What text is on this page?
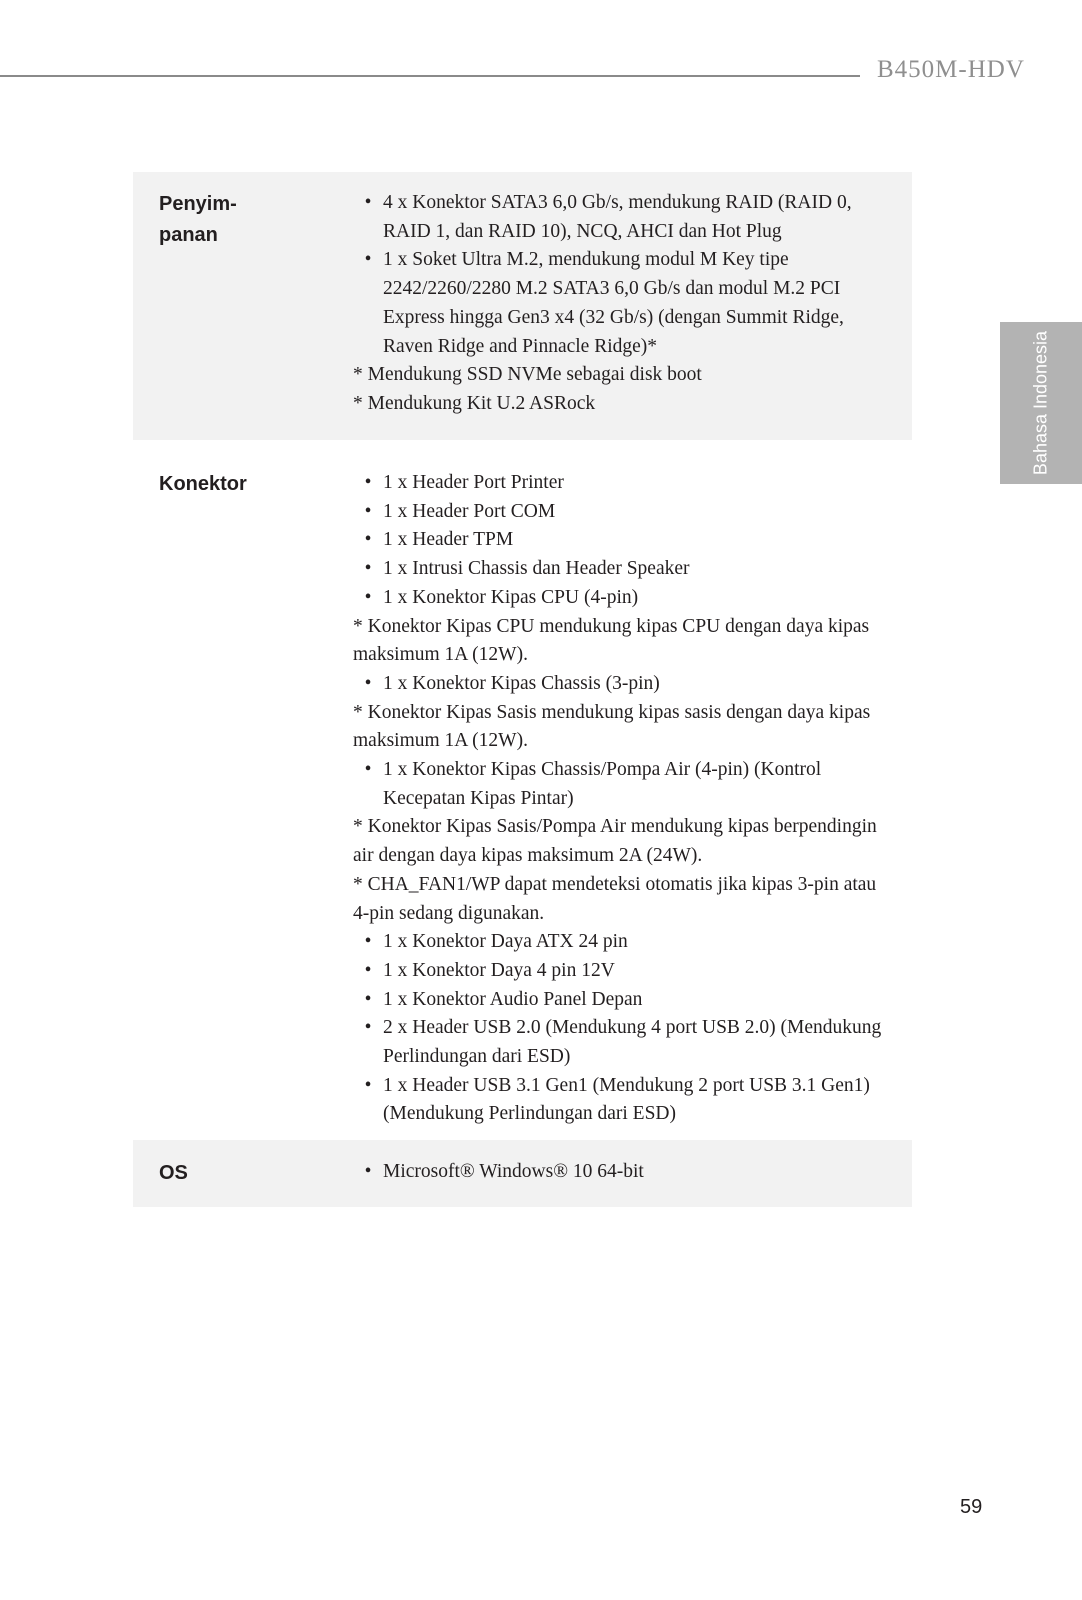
B450M-HDV
Bahasa Indonesia
Penyim-
panan
• 4 x Konektor SATA3 6,0 Gb/s, mendukung RAID (RAID 0, RAID 1, dan RAID 10), NCQ, AHCI dan Hot Plug
• 1 x Soket Ultra M.2, mendukung modul M Key tipe 2242/2260/2280 M.2 SATA3 6,0 Gb/s dan modul M.2 PCI Express hingga Gen3 x4 (32 Gb/s) (dengan Summit Ridge, Raven Ridge and Pinnacle Ridge)*
* Mendukung SSD NVMe sebagai disk boot
* Mendukung Kit U.2 ASRock
Konektor	• 1 x Header Port Printer
• 1 x Header Port COM
• 1 x Header TPM
• 1 x Intrusi Chassis dan Header Speaker
• 1 x Konektor Kipas CPU (4-pin)
* Konektor Kipas CPU mendukung kipas CPU dengan daya kipas maksimum 1A (12W).
• 1 x Konektor Kipas Chassis (3-pin)
* Konektor Kipas Sasis mendukung kipas sasis dengan daya kipas maksimum 1A (12W).
• 1 x Konektor Kipas Chassis/Pompa Air (4-pin) (Kontrol Kecepatan Kipas Pintar)
* Konektor Kipas Sasis/Pompa Air mendukung kipas berpendingin air dengan daya kipas maksimum 2A (24W).
* CHA_FAN1/WP dapat mendeteksi otomatis jika kipas 3-pin atau 4-pin sedang digunakan.
• 1 x Konektor Daya ATX 24 pin
• 1 x Konektor Daya 4 pin 12V
• 1 x Konektor Audio Panel Depan
• 2 x Header USB 2.0 (Mendukung 4 port USB 2.0) (Mendukung Perlindungan dari ESD)
• 1 x Header USB 3.1 Gen1 (Mendukung 2 port USB 3.1 Gen1) (Mendukung Perlindungan dari ESD)
OS	• Microsoft® Windows® 10 64-bit
59
